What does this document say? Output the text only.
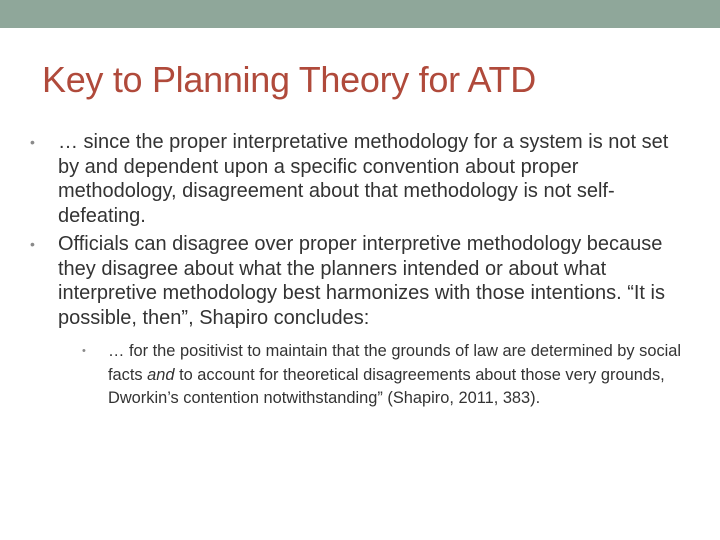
Key to Planning Theory for ATD
• … since the proper interpretative methodology for a system is not set by and dependent upon a specific convention about proper methodology, disagreement about that methodology is not self-defeating.
• Officials can disagree over proper interpretive methodology because they disagree about what the planners intended or about what interpretive methodology best harmonizes with those intentions. “It is possible, then”, Shapiro concludes:
• … for the positivist to maintain that the grounds of law are determined by social facts and to account for theoretical disagreements about those very grounds, Dworkin’s contention notwithstanding” (Shapiro, 2011, 383).
